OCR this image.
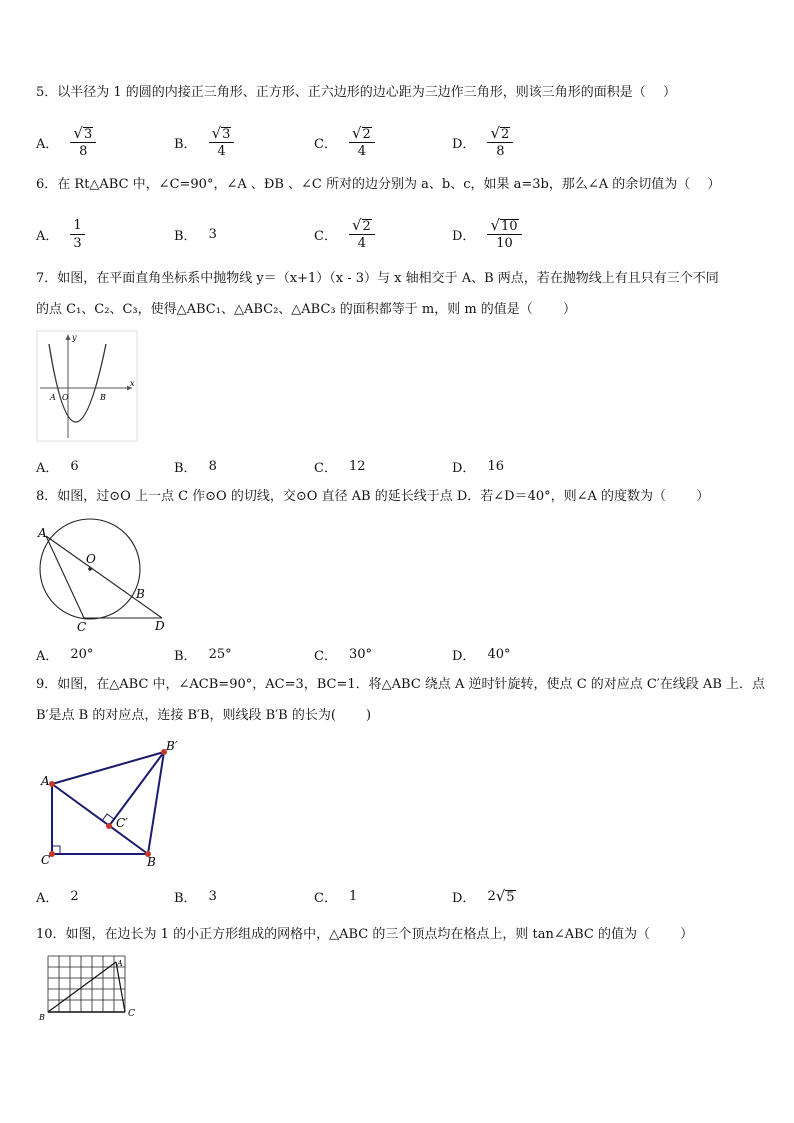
5．以半径为 1 的圆的内接正三角形、正方形、正六边形的边心距为三边作三角形，则该三角形的面积是（　 ）
A． $\frac{√ 3}{8}$	B． $\frac{√ 3}{4}$	C． $\frac{√ 2}{4}$	D． $\frac{√ 2}{8}$
6．在 Rt△ABC 中，∠C=90°，∠A 、ÐB 、∠C 所对的边分别为 a、b、c，如果 a=3b，那么∠A 的余切值为（　 ）
A． $\frac{1}{3}$	B． 3	C． $\frac{√ 2}{4}$	D． $\frac{√ 10}{10}$
7．如图，在平面直角坐标系中抛物线 y＝（x+1）（x - 3）与 x 轴相交于 A、B 两点，若在抛物线上有且只有三个不同
的点 C₁、C₂、C₃，使得△ABC₁、△ABC₂、△ABC₃ 的面积都等于 m，则 m 的值是（　　 ）
y
x
A O	B
A． 6	B． 8	C． 12	D． 16
8．如图，过⊙O 上一点 C 作⊙O 的切线，交⊙O 直径 AB 的延长线于点 D．若∠D＝40°，则∠A 的度数为（　　 ）
A
O
B
C	D
A． 20°	B． 25°	C． 30°	D． 40°
9．如图，在△ABC 中，∠ACB=90°，AC=3，BC=1．将△ABC 绕点 A 逆时针旋转，使点 C 的对应点 C′在线段 AB 上．点
B′是点 B 的对应点，连接 B′B，则线段 B′B 的长为(　　 )
A
C	B
B′
C′
A． 2	B． 3	C． 1	D． 2 √ 5
10．如图，在边长为 1 的小正方形组成的网格中，△ABC 的三个顶点均在格点上，则 tan∠ABC 的值为（　　 ）
A
B	C
